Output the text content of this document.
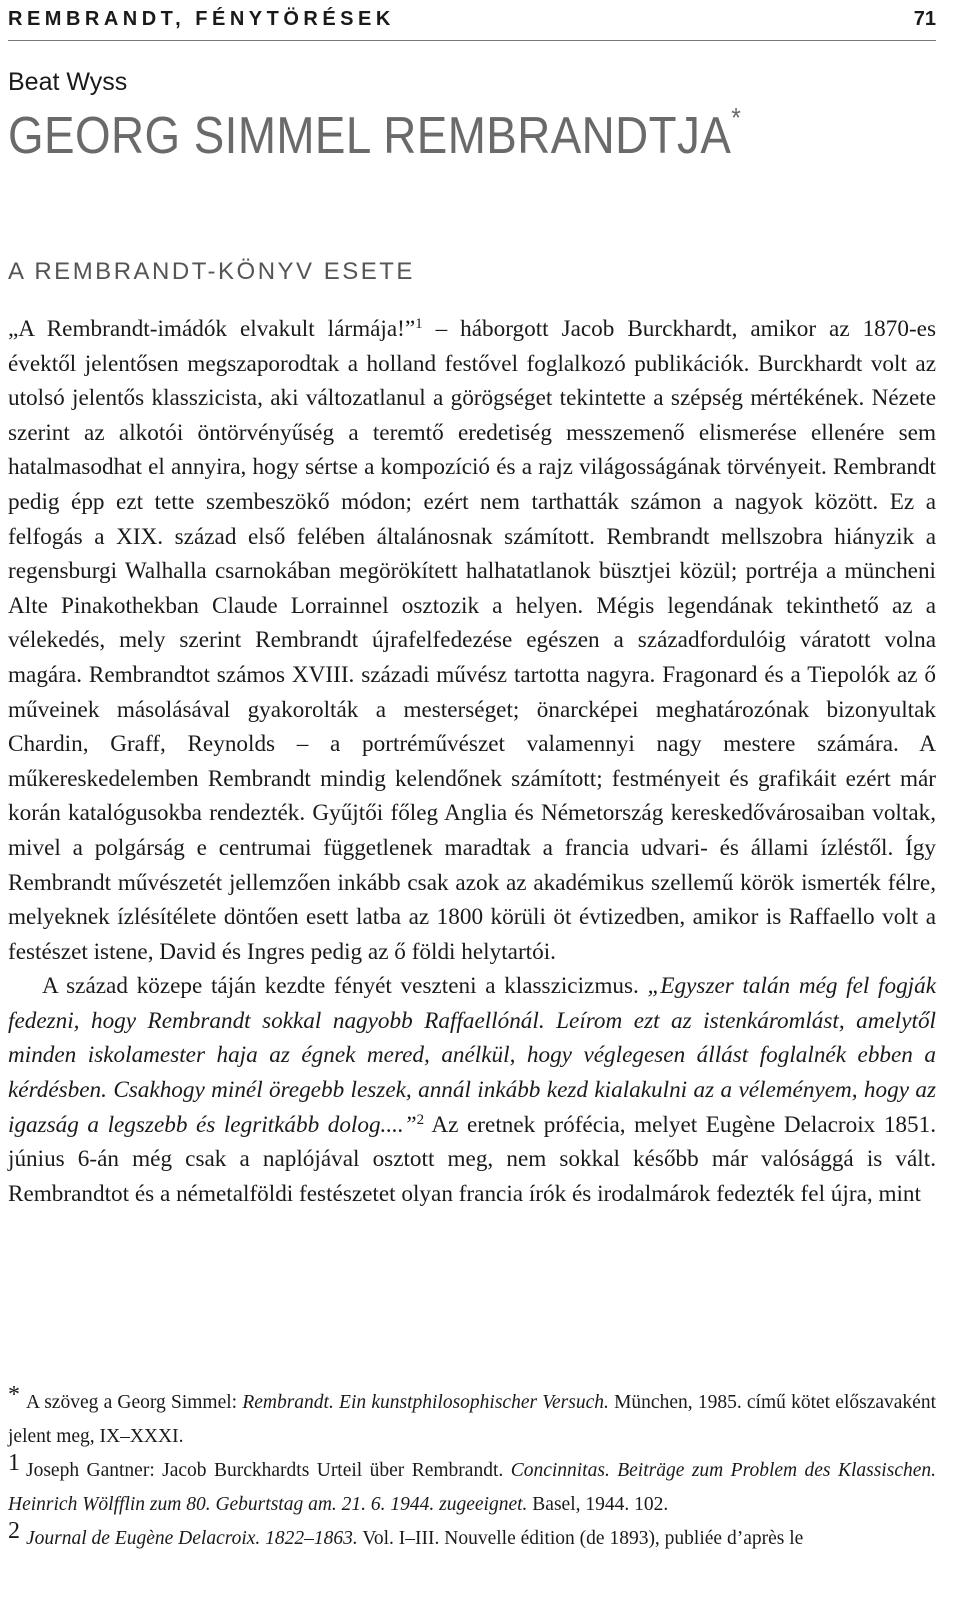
REMBRANDT, FÉNYTÖRÉSEK	71
Beat Wyss
GEORG SIMMEL REMBRANDTJA*
A REMBRANDT-KÖNYV ESETE

„A Rembrandt-imádók elvakult lármája!”$^1$ – háborgott Jacob Burckhardt, amikor az 1870-es évektől jelentősen megszaporodtak a holland festővel foglalkozó publikációk. Burckhardt volt az utolsó jelentős klasszicista, aki változatlanul a görögséget tekintette a szépség mértékének. Nézete szerint az alkotói öntörvényűség a teremtő eredetiség messzemenő elismerése ellenére sem hatalmasodhat el annyira, hogy sértse a kompozíció és a rajz világosságának törvényeit. Rembrandt pedig épp ezt tette szembeszökő módon; ezért nem tarthatták számon a nagyok között. Ez a felfogás a XIX. század első felében általánosnak számított. Rembrandt mellszobra hiányzik a regensburgi Walhalla csarnokában megörökített halhatatlanok büsztjei közül; portréja a müncheni Alte Pinakothekban Claude Lorrainnel osztozik a helyen. Mégis legendának tekinthető az a vélekedés, mely szerint Rembrandt újrafelfedezése egészen a századfordulóig váratott volna magára. Rembrandtot számos XVIII. századi művész tartotta nagyra. Fragonard és a Tiepolók az ő műveinek másolásával gyakorolták a mesterséget; önarcképei meghatározónak bizonyultak Chardin, Graff, Reynolds – a portréművészet valamennyi nagy mestere számára. A műkereskedelemben Rembrandt mindig kelendőnek számított; festményeit és grafikáit ezért már korán katalógusokba rendezték. Gyűjtői főleg Anglia és Németország kereskedővárosaiban voltak, mivel a polgárság e centrumai függetlenek maradtak a francia udvari- és állami ízléstől. Így Rembrandt művészetét jellemzően inkább csak azok az akadémikus szellemű körök ismerték félre, melyeknek ízlésítélete döntően esett latba az 1800 körüli öt évtizedben, amikor is Raffaello volt a festészet istene, David és Ingres pedig az ő földi helytartói.

A század közepe táján kezdte fényét veszteni a klasszicizmus. „Egyszer talán még fel fogják fedezni, hogy Rembrandt sokkal nagyobb Raffaellónál. Leírom ezt az istenkáromlást, amelytől minden iskolamester haja az égnek mered, anélkül, hogy véglegesen állást foglalnék ebben a kérdésben. Csakhogy minél öregebb leszek, annál inkább kezd kialakulni az a véleményem, hogy az igazság a legszebb és legritkább dolog....”$^2$ Az eretnek prófécia, melyet Eugène Delacroix 1851. június 6-án még csak a naplójával osztott meg, nem sokkal később már valósággá is vált. Rembrandtot és a németalföldi festészetet olyan francia írók és irodalmárok fedezték fel újra, mint

* A szöveg a Georg Simmel: Rembrandt. Ein kunstphilosophischer Versuch. München, 1985. című kötet előszavaként jelent meg, IX–XXXI.

1 Joseph Gantner: Jacob Burckhardts Urteil über Rembrandt. Concinnitas. Beiträge zum Problem des Klassischen. Heinrich Wölfflin zum 80. Geburtstag am. 21. 6. 1944. zugeeignet. Basel, 1944. 102.

2 Journal de Eugène Delacroix. 1822–1863. Vol. I–III. Nouvelle édition (de 1893), publiée d’après le
